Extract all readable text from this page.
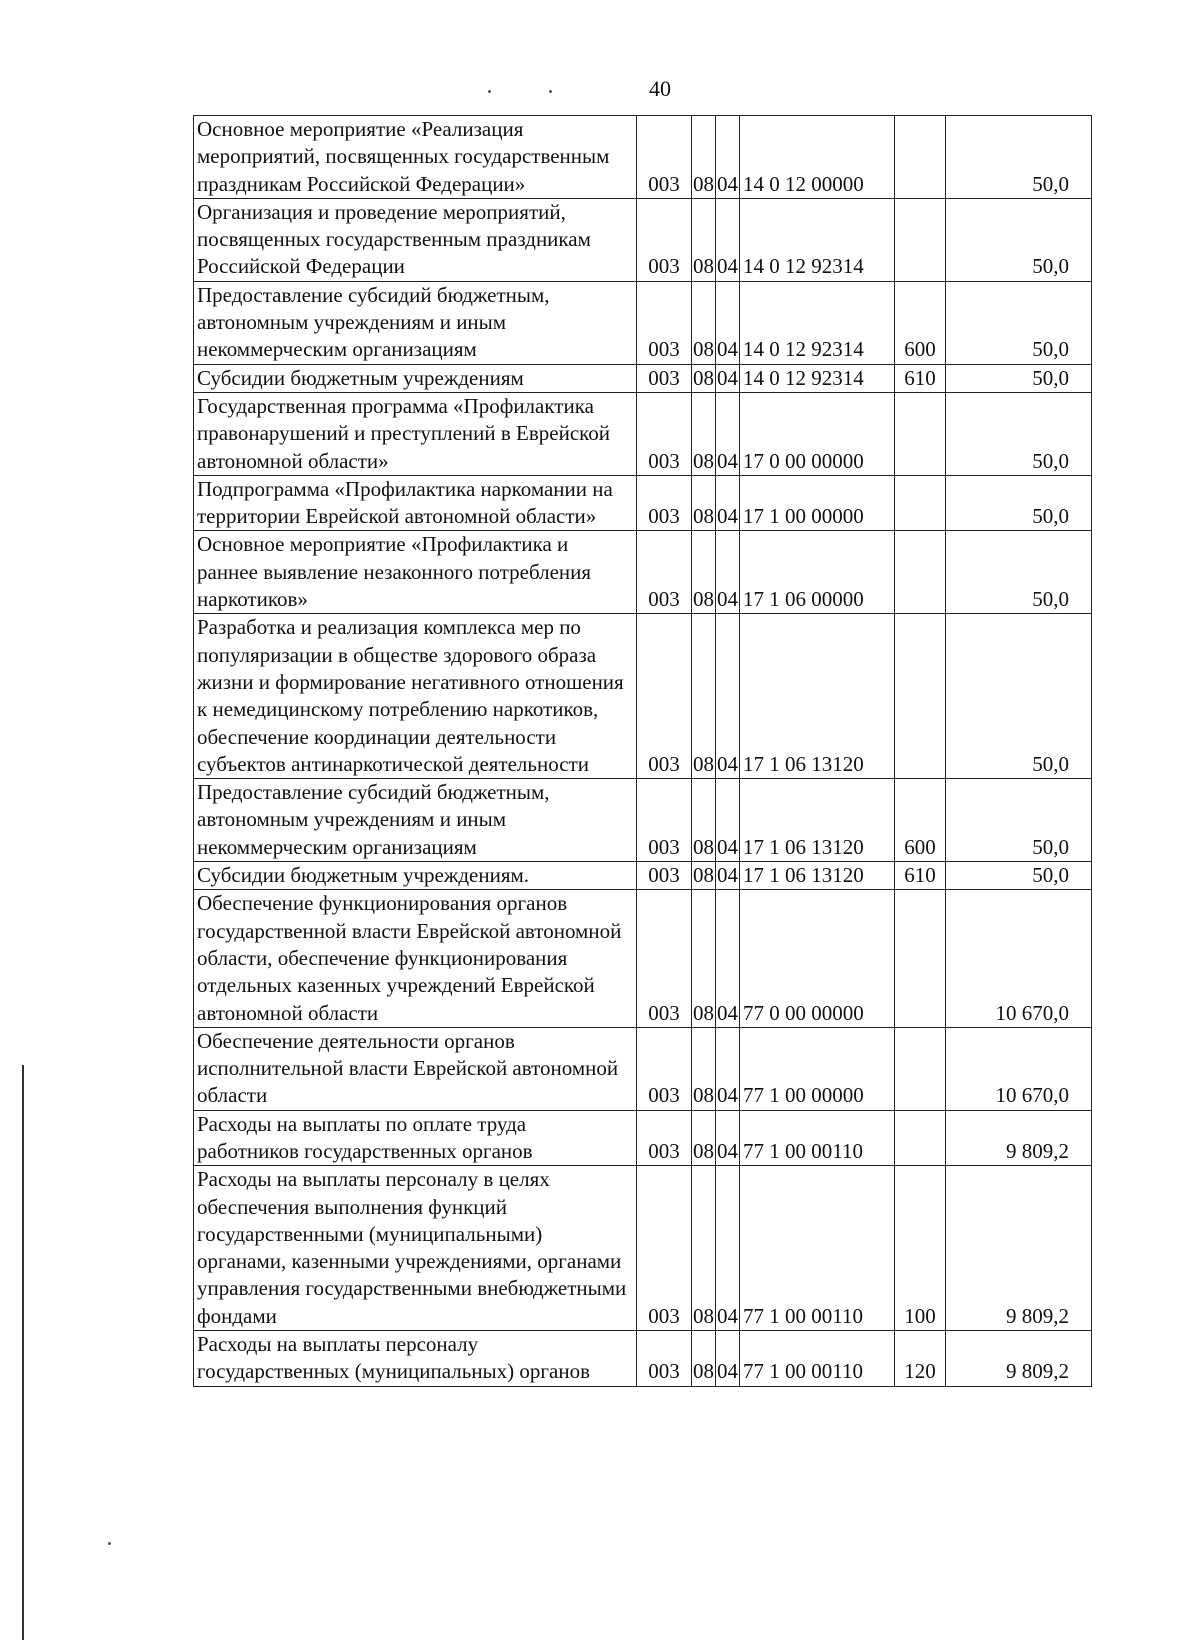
40
Основное мероприятие «Реализация мероприятий, посвященных государственным праздникам Российской Федерации»	003	08	04	14 0 12 00000		50,0
Организация и проведение мероприятий, посвященных государственным праздникам Российской Федерации	003	08	04	14 0 12 92314		50,0
Предоставление субсидий бюджетным, автономным учреждениям и иным некоммерческим организациям	003	08	04	14 0 12 92314	600	50,0
Субсидии бюджетным учреждениям	003	08	04	14 0 12 92314	610	50,0
Государственная программа «Профилактика правонарушений и преступлений в Еврейской автономной области»	003	08	04	17 0 00 00000		50,0
Подпрограмма «Профилактика наркомании на территории Еврейской автономной области»	003	08	04	17 1 00 00000		50,0
Основное мероприятие «Профилактика и раннее выявление незаконного потребления наркотиков»	003	08	04	17 1 06 00000		50,0
Разработка и реализация комплекса мер по популяризации в обществе здорового образа жизни и формирование негативного отношения к немедицинскому потреблению наркотиков, обеспечение координации деятельности субъектов антинаркотической деятельности	003	08	04	17 1 06 13120		50,0
Предоставление субсидий бюджетным, автономным учреждениям и иным некоммерческим организациям	003	08	04	17 1 06 13120	600	50,0
Субсидии бюджетным учреждениям.	003	08	04	17 1 06 13120	610	50,0
Обеспечение функционирования органов государственной власти Еврейской автономной области, обеспечение функционирования отдельных казенных учреждений Еврейской автономной области	003	08	04	77 0 00 00000		10 670,0
Обеспечение деятельности органов исполнительной власти Еврейской автономной области	003	08	04	77 1 00 00000		10 670,0
Расходы на выплаты по оплате труда работников государственных органов	003	08	04	77 1 00 00110		9 809,2
Расходы на выплаты персоналу в целях обеспечения выполнения функций государственными (муниципальными) органами, казенными учреждениями, органами управления государственными внебюджетными фондами	003	08	04	77 1 00 00110	100	9 809,2
Расходы на выплаты персоналу государственных (муниципальных) органов	003	08	04	77 1 00 00110	120	9 809,2
